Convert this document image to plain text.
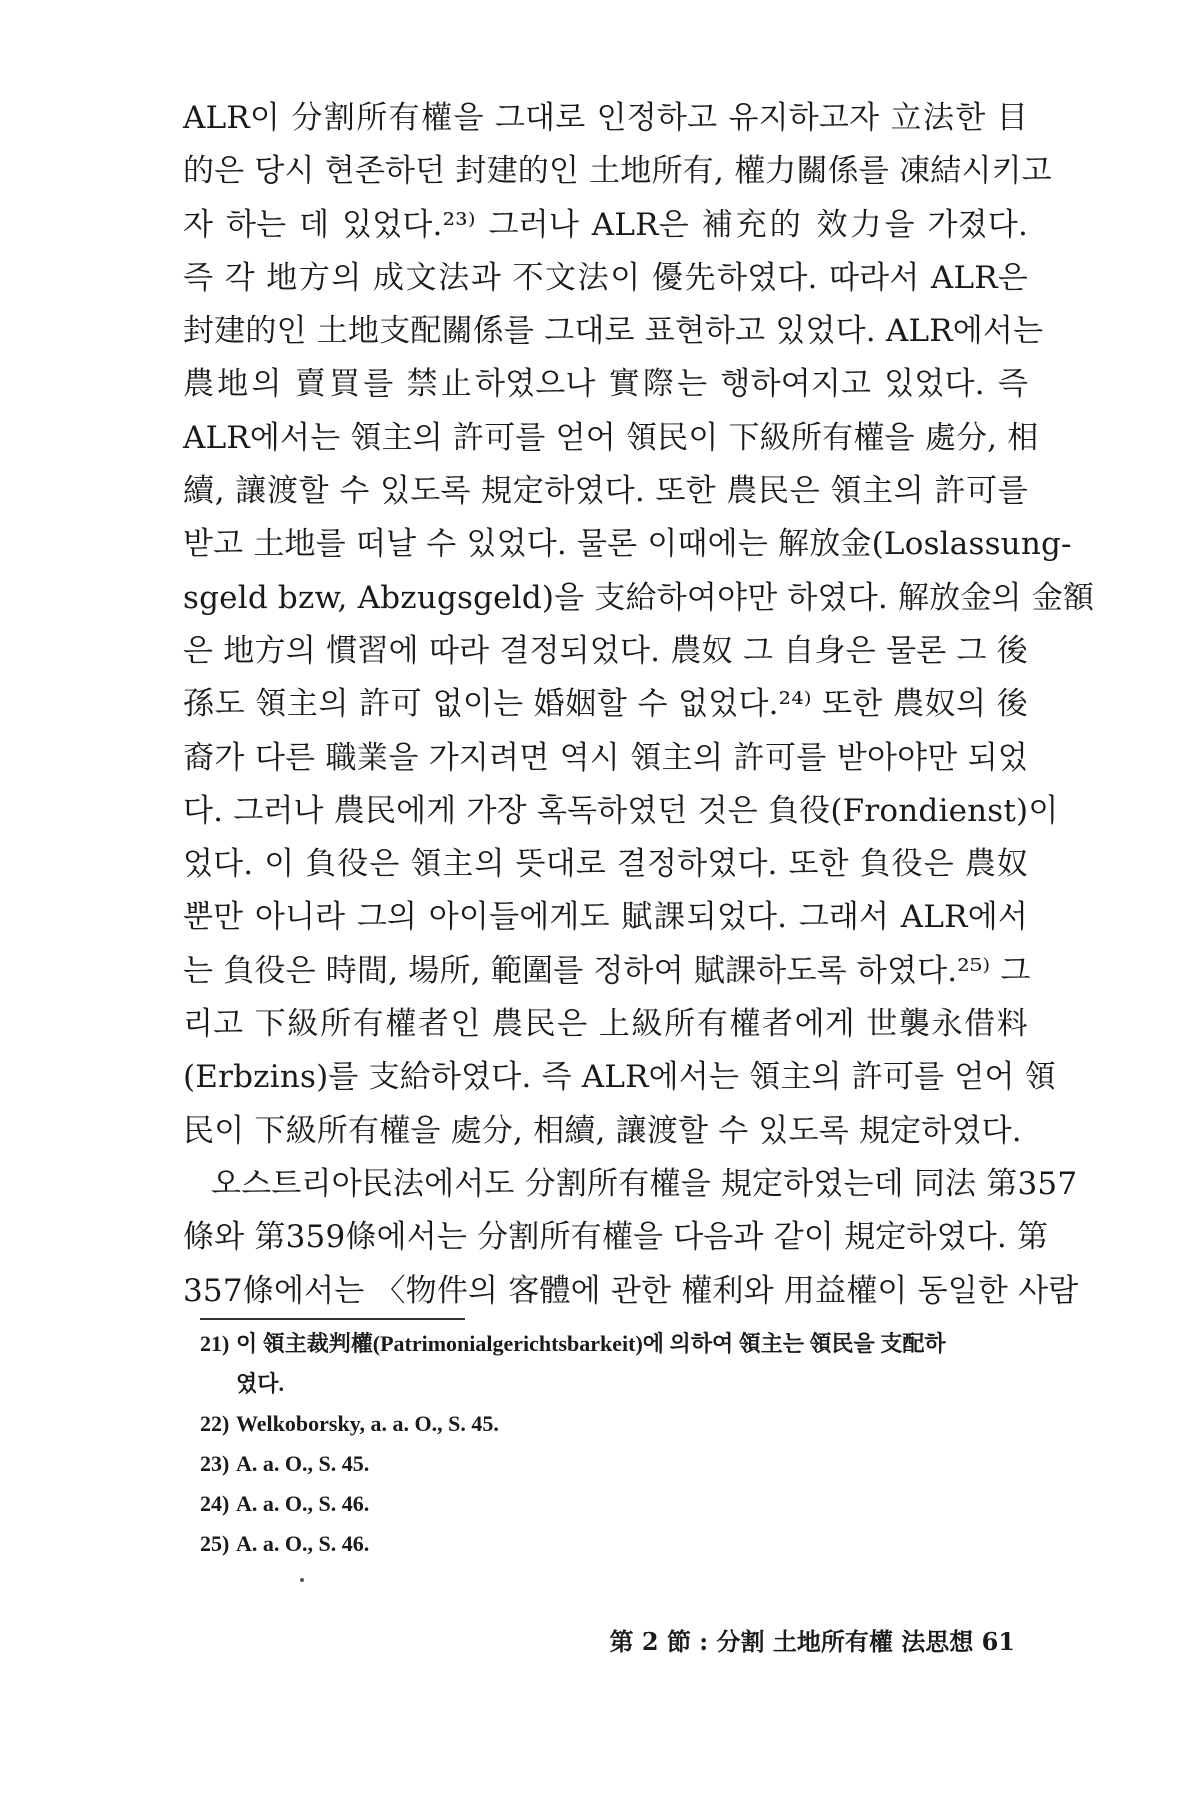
ALR이 分割所有權을 그대로 인정하고 유지하고자 立法한 目
的은 당시 현존하던 封建的인 土地所有, 權力關係를 凍結시키고
자 하는 데 있었다.²³⁾ 그러나 ALR은 補充的 效力을 가졌다.
즉 각 地方의 成文法과 不文法이 優先하였다. 따라서 ALR은
封建的인 土地支配關係를 그대로 표현하고 있었다. ALR에서는
農地의 賣買를 禁止하였으나 實際는 행하여지고 있었다. 즉
ALR에서는 領主의 許可를 얻어 領民이 下級所有權을 處分, 相
續, 讓渡할 수 있도록 規定하였다. 또한 農民은 領主의 許可를
받고 土地를 떠날 수 있었다. 물론 이때에는 解放金(Loslassung-
sgeld bzw, Abzugsgeld)을 支給하여야만 하였다. 解放金의 金額
은 地方의 慣習에 따라 결정되었다. 農奴 그 自身은 물론 그 後
孫도 領主의 許可 없이는 婚姻할 수 없었다.²⁴⁾ 또한 農奴의 後
裔가 다른 職業을 가지려면 역시 領主의 許可를 받아야만 되었
다. 그러나 農民에게 가장 혹독하였던 것은 負役(Frondienst)이
었다. 이 負役은 領主의 뜻대로 결정하였다. 또한 負役은 農奴
뿐만 아니라 그의 아이들에게도 賦課되었다. 그래서 ALR에서
는 負役은 時間, 場所, 範圍를 정하여 賦課하도록 하였다.²⁵⁾ 그
리고 下級所有權者인 農民은 上級所有權者에게 世襲永借料
(Erbzins)를 支給하였다. 즉 ALR에서는 領主의 許可를 얻어 領
民이 下級所有權을 處分, 相續, 讓渡할 수 있도록 規定하였다.
오스트리아民法에서도 分割所有權을 規定하였는데 同法 第357
條와 第359條에서는 分割所有權을 다음과 같이 規定하였다. 第
357條에서는 〈物件의 客體에 관한 權利와 用益權이 동일한 사람
21) 이 領主裁判權(Patrimonialgerichtsbarkeit)에 의하여 領主는 領民을 支配하
였다.
22) Welkoborsky, a. a. O., S. 45.
23) A. a. O., S. 45.
24) A. a. O., S. 46.
25) A. a. O., S. 46.
第 2 節 : 分割 土地所有權 法思想 61
